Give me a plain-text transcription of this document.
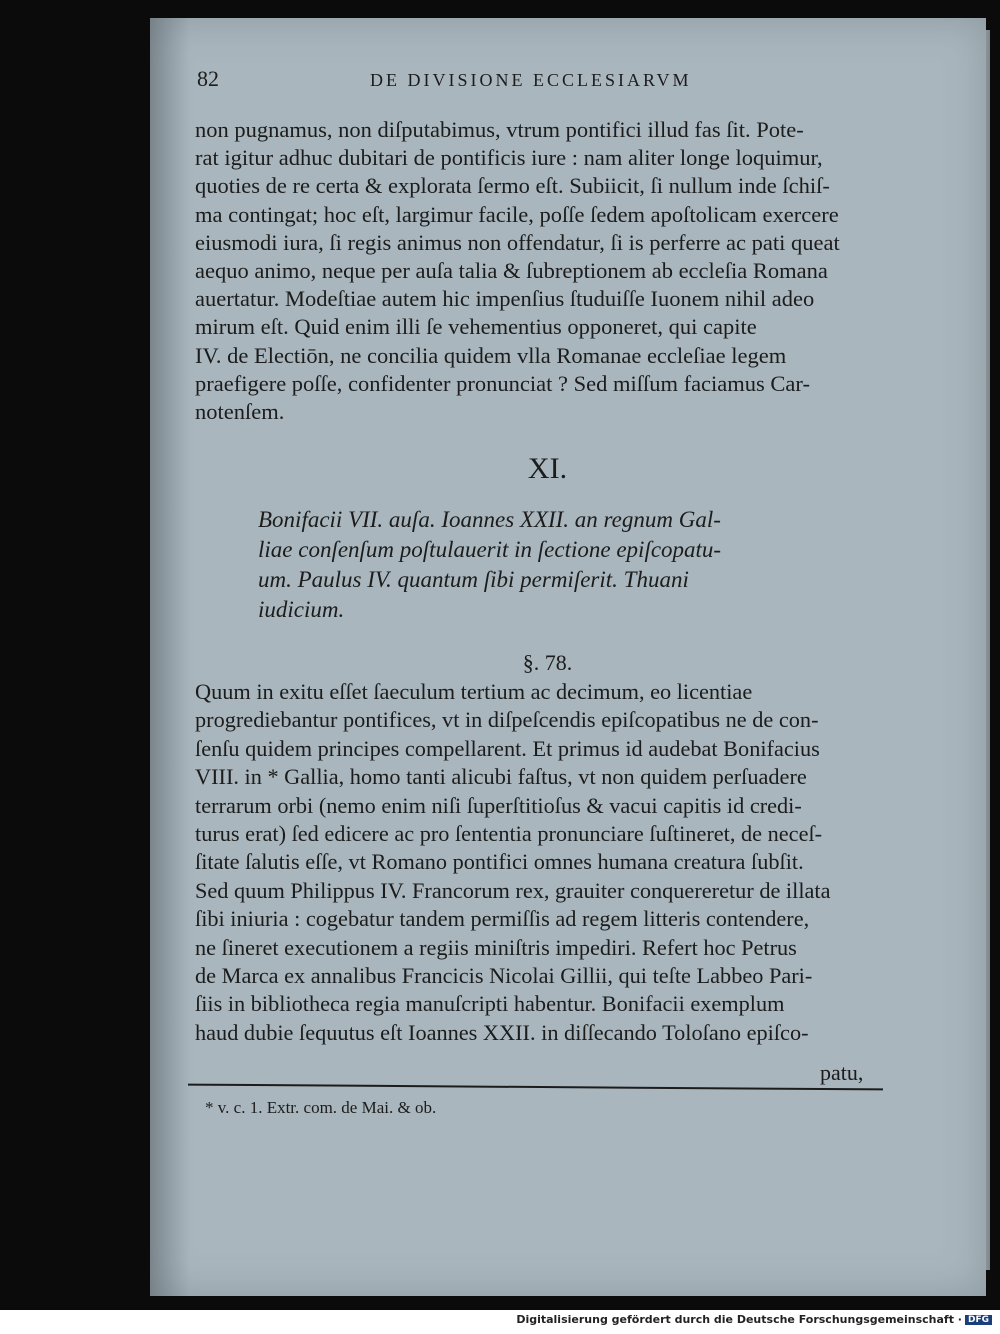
82	DE DIVISIONE ECCLESIARVM
non pugnamus, non diſputabimus, vtrum pontifici illud fas ſit. Pote-
rat igitur adhuc dubitari de pontificis iure : nam aliter longe loquimur,
quoties de re certa & explorata ſermo eſt. Subiicit, ſi nullum inde ſchiſ-
ma contingat; hoc eſt, largimur facile, poſſe ſedem apoſtolicam exercere
eiusmodi iura, ſi regis animus non offendatur, ſi is perferre ac pati queat
aequo animo, neque per auſa talia & ſubreptionem ab eccleſia Romana
auertatur. Modeſtiae autem hic impenſius ſtuduiſſe Iuonem nihil adeo
mirum eſt. Quid enim illi ſe vehementius opponeret, qui capite
IV. de Electiōn, ne concilia quidem vlla Romanae eccleſiae legem
praefigere poſſe, confidenter pronunciat ? Sed miſſum faciamus Car-
notenſem.
XI.
Bonifacii VII. auſa. Ioannes XXII. an regnum Gal-
liae conſenſum poſtulauerit in ſectione epiſcopatu-
um. Paulus IV. quantum ſibi permiſerit. Thuani
iudicium.
§. 78.
Quum in exitu eſſet ſaeculum tertium ac decimum, eo licentiae
progrediebantur pontifices, vt in diſpeſcendis epiſcopatibus ne de con-
ſenſu quidem principes compellarent. Et primus id audebat Bonifacius
VIII. in * Gallia, homo tanti alicubi faſtus, vt non quidem perſuadere
terrarum orbi (nemo enim niſi ſuperſtitioſus & vacui capitis id credi-
turus erat) ſed edicere ac pro ſententia pronunciare ſuſtineret, de neceſ-
ſitate ſalutis eſſe, vt Romano pontifici omnes humana creatura ſubſit.
Sed quum Philippus IV. Francorum rex, grauiter conquereretur de illata
ſibi iniuria : cogebatur tandem permiſſis ad regem litteris contendere,
ne ſineret executionem a regiis miniſtris impediri. Refert hoc Petrus
de Marca ex annalibus Francicis Nicolai Gillii, qui teſte Labbeo Pari-
ſiis in bibliotheca regia manuſcripti habentur. Bonifacii exemplum
haud dubie ſequutus eſt Ioannes XXII. in diſſecando Toloſano epiſco-
patu,
* v. c. 1. Extr. com. de Mai. & ob.
Digitalisierung gefördert durch die Deutsche Forschungsgemeinschaft · DFG
